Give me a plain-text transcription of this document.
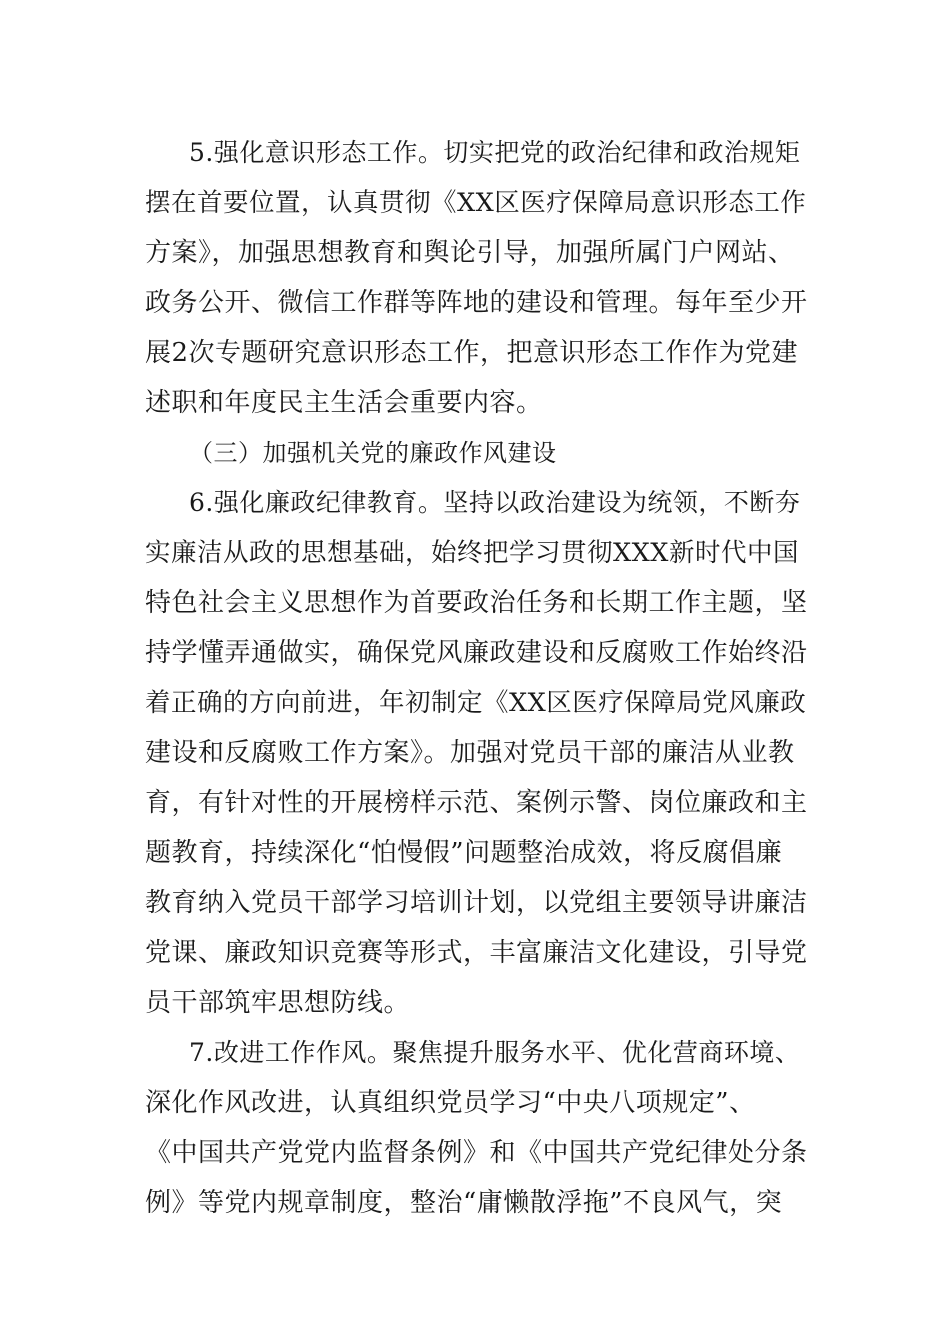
5.强化意识形态工作。切实把党的政治纪律和政治规矩
摆在首要位置，认真贯彻《XX区医疗保障局意识形态工作
方案》，加强思想教育和舆论引导，加强所属门户网站、
政务公开、微信工作群等阵地的建设和管理。每年至少开
展2次专题研究意识形态工作，把意识形态工作作为党建
述职和年度民主生活会重要内容。
（三）加强机关党的廉政作风建设
6.强化廉政纪律教育。坚持以政治建设为统领，不断夯
实廉洁从政的思想基础，始终把学习贯彻XXX新时代中国
特色社会主义思想作为首要政治任务和长期工作主题，坚
持学懂弄通做实，确保党风廉政建设和反腐败工作始终沿
着正确的方向前进，年初制定《XX区医疗保障局党风廉政
建设和反腐败工作方案》。加强对党员干部的廉洁从业教
育，有针对性的开展榜样示范、案例示警、岗位廉政和主
题教育，持续深化“怕慢假”问题整治成效，将反腐倡廉
教育纳入党员干部学习培训计划，以党组主要领导讲廉洁
党课、廉政知识竞赛等形式，丰富廉洁文化建设，引导党
员干部筑牢思想防线。
7.改进工作作风。聚焦提升服务水平、优化营商环境、
深化作风改进，认真组织党员学习“中央八项规定”、
《中国共产党党内监督条例》和《中国共产党纪律处分条
例》等党内规章制度，整治“庸懒散浮拖”不良风气，突
